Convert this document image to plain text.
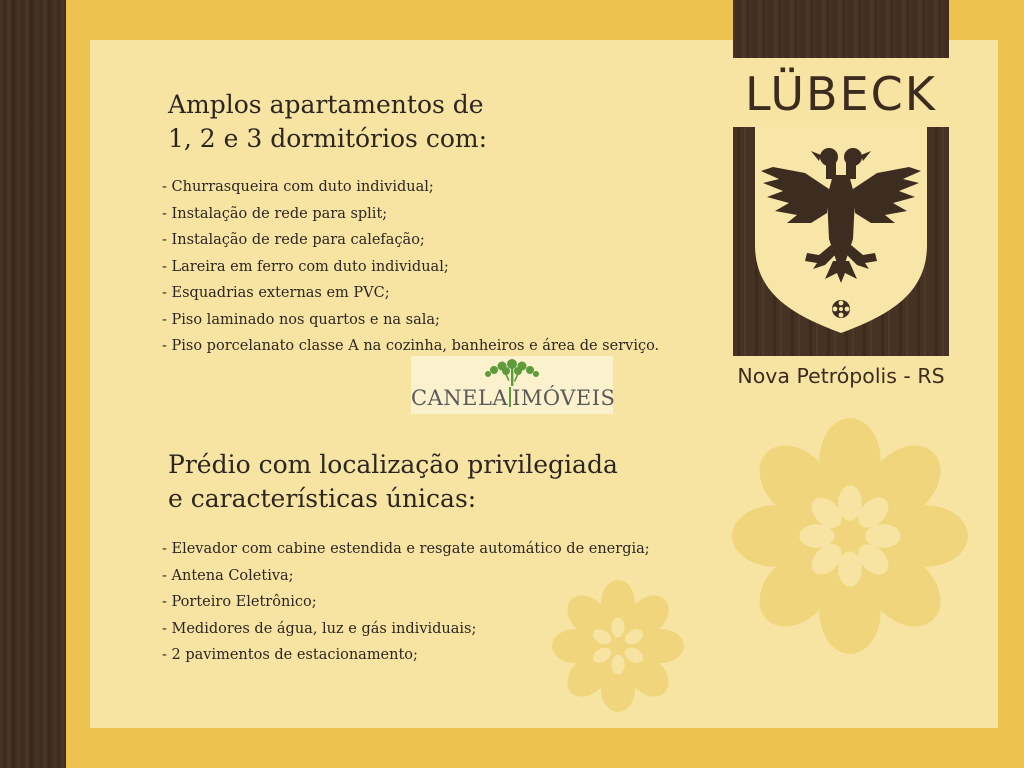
Amplos apartamentos de
1, 2 e 3 dormitórios com:
- Churrasqueira com duto individual;
- Instalação de rede para split;
- Instalação de rede para calefação;
- Lareira em ferro com duto individual;
- Esquadrias externas em PVC;
- Piso laminado nos quartos e na sala;
- Piso porcelanato classe A na cozinha, banheiros e área de serviço.
Prédio com localização privilegiada
e características únicas:
- Elevador com cabine estendida e resgate automático de energia;
- Antena Coletiva;
- Porteiro Eletrônico;
- Medidores de água, luz e gás individuais;
- 2 pavimentos de estacionamento;
CANELA IMÓVEIS
LÜBECK
Nova Petrópolis - RS
